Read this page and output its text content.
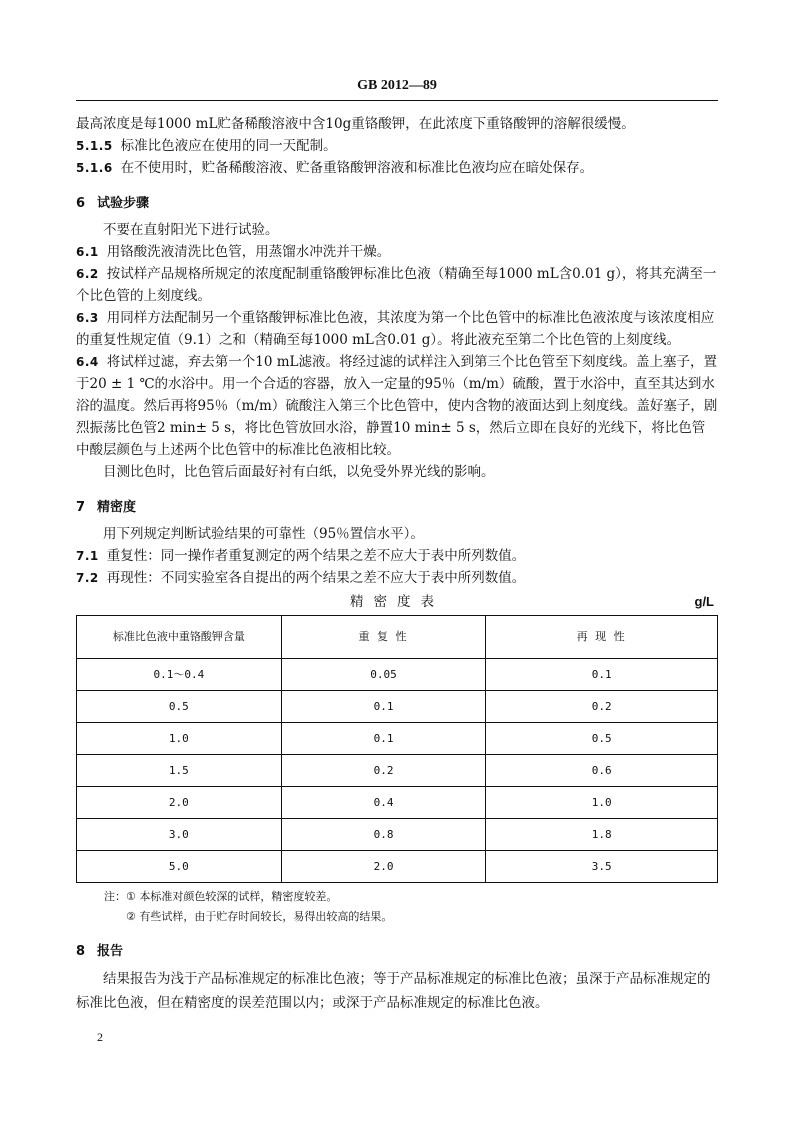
GB 2012—89

最高浓度是每1000 mL贮备稀酸溶液中含10g重铬酸钾，在此浓度下重铬酸钾的溶解很缓慢。

5.1.5 标准比色液应在使用的同一天配制。

5.1.6 在不使用时，贮备稀酸溶液、贮备重铬酸钾溶液和标准比色液均应在暗处保存。

6 试验步骤

不要在直射阳光下进行试验。

6.1 用铬酸洗液清洗比色管，用蒸馏水冲洗并干燥。

6.2 按试样产品规格所规定的浓度配制重铬酸钾标准比色液（精确至每1000 mL含0.01 g），将其充满至一个比色管的上刻度线。

6.3 用同样方法配制另一个重铬酸钾标准比色液，其浓度为第一个比色管中的标准比色液浓度与该浓度相应的重复性规定值（9.1）之和（精确至每1000 mL含0.01 g）。将此液充至第二个比色管的上刻度线。

6.4 将试样过滤，弃去第一个10 mL滤液。将经过滤的试样注入到第三个比色管至下刻度线。盖上塞子，置于20 ± 1 ℃的水浴中。用一个合适的容器，放入一定量的95％（m/m）硫酸，置于水浴中，直至其达到水浴的温度。然后再将95％（m/m）硫酸注入第三个比色管中，使内含物的液面达到上刻度线。盖好塞子，剧烈振荡比色管2 min± 5 s，将比色管放回水浴，静置10 min± 5 s，然后立即在良好的光线下，将比色管中酸层颜色与上述两个比色管中的标准比色液相比较。

目测比色时，比色管后面最好衬有白纸，以免受外界光线的影响。

7 精密度

用下列规定判断试验结果的可靠性（95％置信水平）。

7.1 重复性：同一操作者重复测定的两个结果之差不应大于表中所列数值。

7.2 再现性：不同实验室各自提出的两个结果之差不应大于表中所列数值。

精密度表	g/L
标准比色液中重铬酸钾含量	重 复 性	再 现 性
0.1～0.4	0.05	0.1
0.5	0.1	0.2
1.0	0.1	0.5
1.5	0.2	0.6
2.0	0.4	1.0
3.0	0.8	1.8
5.0	2.0	3.5
注：① 本标准对颜色较深的试样，精密度较差。
② 有些试样，由于贮存时间较长，易得出较高的结果。
8 报告

结果报告为浅于产品标准规定的标准比色液；等于产品标准规定的标准比色液；虽深于产品标准规定的标准比色液，但在精密度的误差范围以内；或深于产品标准规定的标准比色液。

2
